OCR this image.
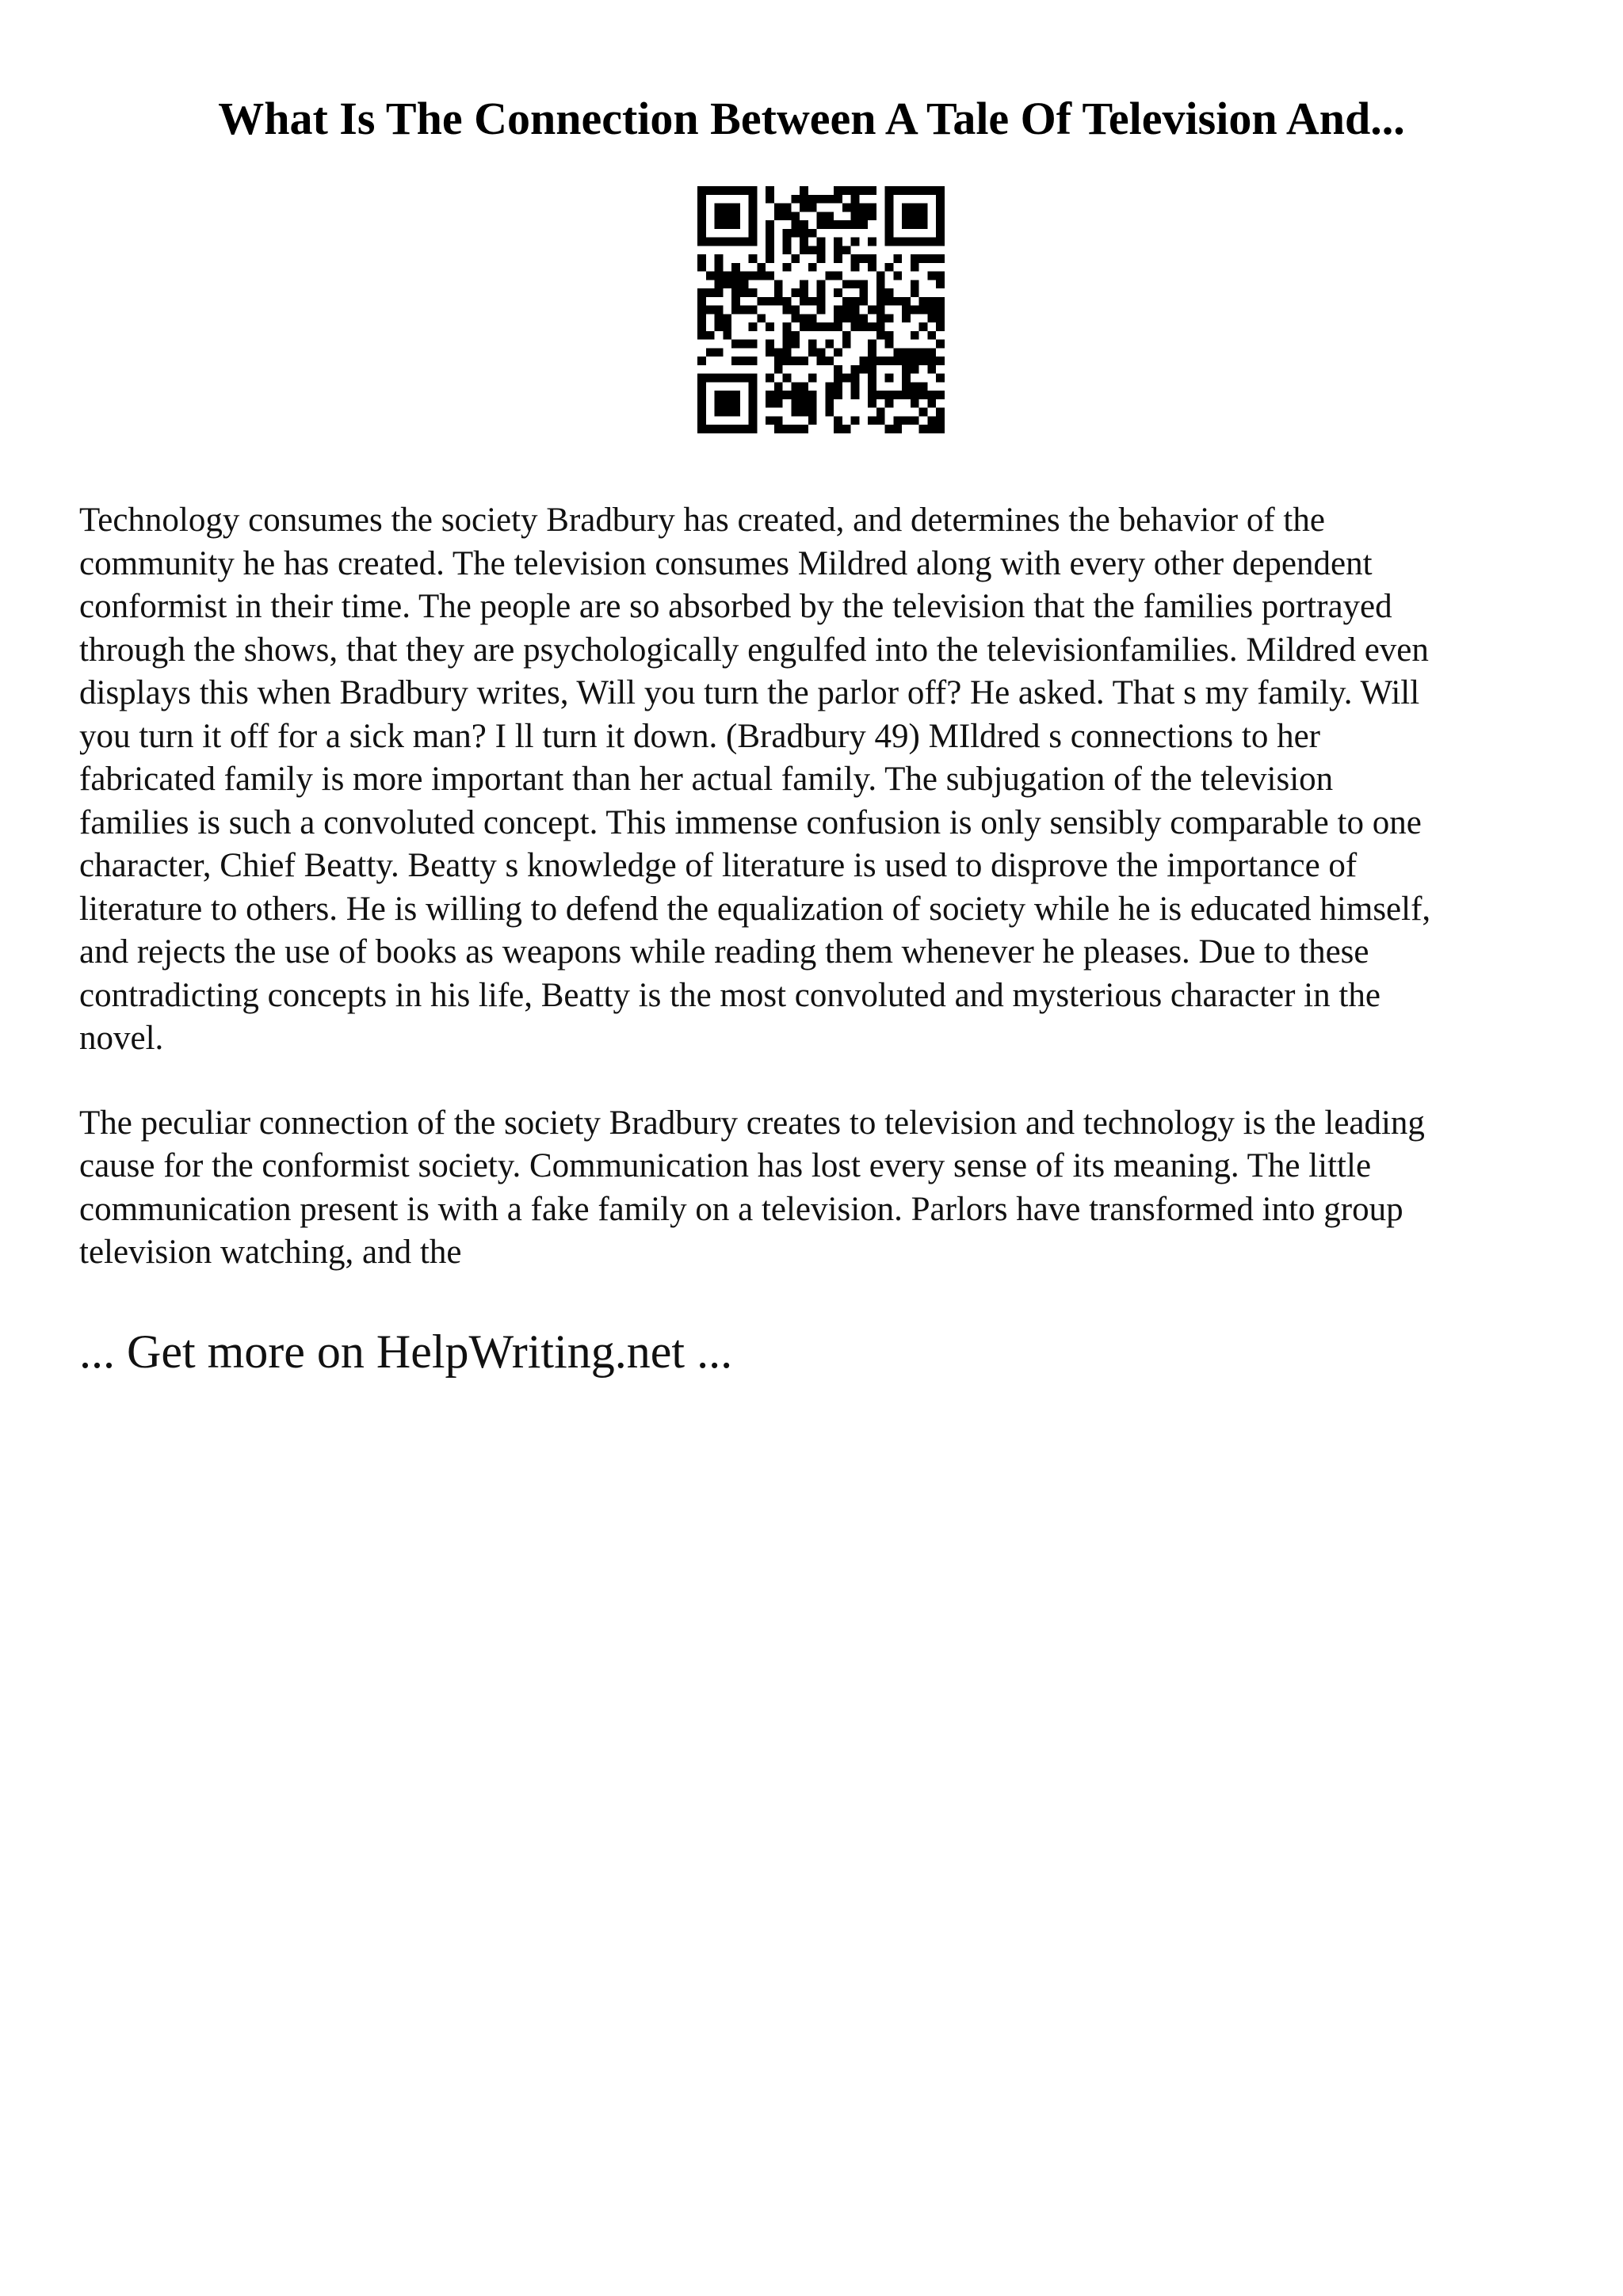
What Is The Connection Between A Tale Of Television And...

Technology consumes the society Bradbury has created, and determines the behavior of the
community he has created. The television consumes Mildred along with every other dependent
conformist in their time. The people are so absorbed by the television that the families portrayed
through the shows, that they are psychologically engulfed into the televisionfamilies. Mildred even
displays this when Bradbury writes, Will you turn the parlor off? He asked. That s my family. Will
you turn it off for a sick man? I ll turn it down. (Bradbury 49) MIldred s connections to her
fabricated family is more important than her actual family. The subjugation of the television
families is such a convoluted concept. This immense confusion is only sensibly comparable to one
character, Chief Beatty. Beatty s knowledge of literature is used to disprove the importance of
literature to others. He is willing to defend the equalization of society while he is educated himself,
and rejects the use of books as weapons while reading them whenever he pleases. Due to these
contradicting concepts in his life, Beatty is the most convoluted and mysterious character in the
novel.

The peculiar connection of the society Bradbury creates to television and technology is the leading
cause for the conformist society. Communication has lost every sense of its meaning. The little
communication present is with a fake family on a television. Parlors have transformed into group
television watching, and the

... Get more on HelpWriting.net ...
